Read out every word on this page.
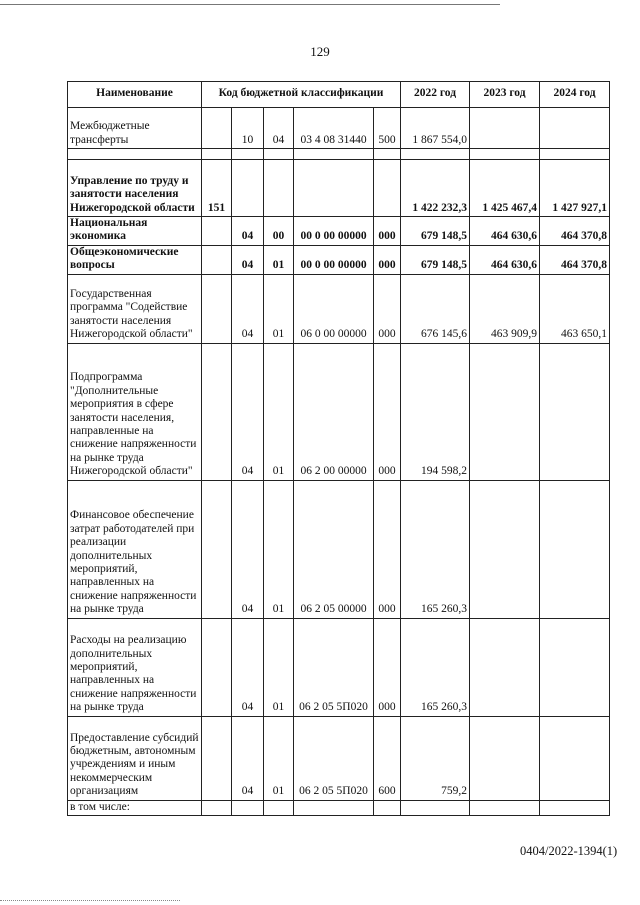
129
Наименование	Код бюджетной классификации					2022 год	2023 год	2024 год
Межбюджетные трансферты		10	04	03 4 08 31440	500	1 867 554,0		

Управление по труду и занятости населения Нижегородской области	151					1 422 232,3	1 425 467,4	1 427 927,1
Национальная экономика		04	00	00 0 00 00000	000	679 148,5	464 630,6	464 370,8
Общеэкономические вопросы		04	01	00 0 00 00000	000	679 148,5	464 630,6	464 370,8
Государственная программа "Содействие занятости населения Нижегородской области"		04	01	06 0 00 00000	000	676 145,6	463 909,9	463 650,1
Подпрограмма "Дополнительные мероприятия в сфере занятости населения, направленные на снижение напряженности на рынке труда Нижегородской области"		04	01	06 2 00 00000	000	194 598,2		
Финансовое обеспечение затрат работодателей при реализации дополнительных мероприятий, направленных на снижение напряженности на рынке труда		04	01	06 2 05 00000	000	165 260,3		
Расходы на реализацию дополнительных мероприятий, направленных на снижение напряженности на рынке труда		04	01	06 2 05 5П020	000	165 260,3		
Предоставление субсидий бюджетным, автономным учреждениям и иным некоммерческим организациям		04	01	06 2 05 5П020	600	759,2		
в том числе:								
0404/2022-1394(1)
